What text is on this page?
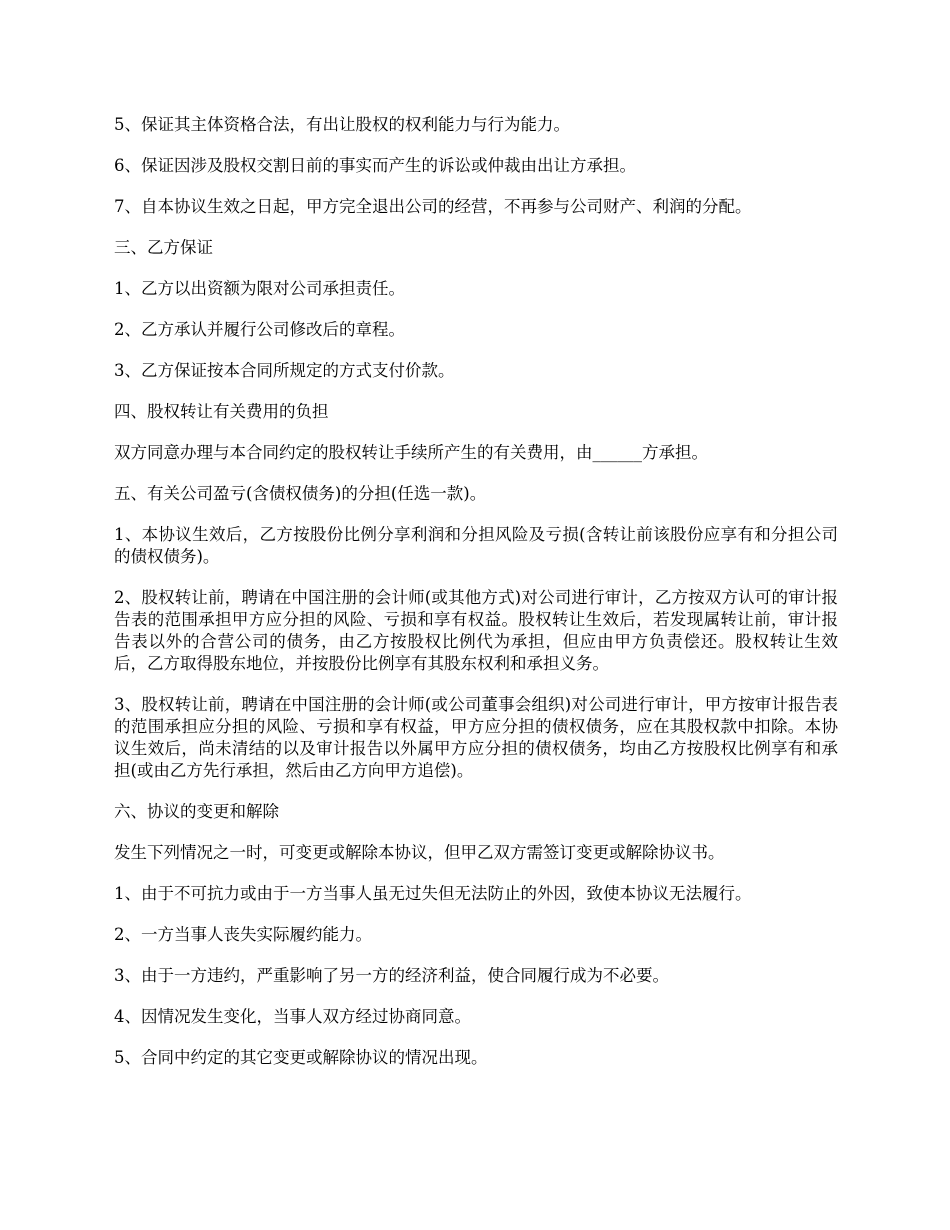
5、保证其主体资格合法，有出让股权的权利能力与行为能力。

6、保证因涉及股权交割日前的事实而产生的诉讼或仲裁由出让方承担。

7、自本协议生效之日起，甲方完全退出公司的经营，不再参与公司财产、利润的分配。

三、乙方保证

1、乙方以出资额为限对公司承担责任。

2、乙方承认并履行公司修改后的章程。

3、乙方保证按本合同所规定的方式支付价款。

四、股权转让有关费用的负担

双方同意办理与本合同约定的股权转让手续所产生的有关费用，由______方承担。

五、有关公司盈亏(含债权债务)的分担(任选一款)。

1、本协议生效后，乙方按股份比例分享利润和分担风险及亏损(含转让前该股份应享有和分担公司的债权债务)。

2、股权转让前，聘请在中国注册的会计师(或其他方式)对公司进行审计，乙方按双方认可的审计报告表的范围承担甲方应分担的风险、亏损和享有权益。股权转让生效后，若发现属转让前，审计报告表以外的合营公司的债务，由乙方按股权比例代为承担，但应由甲方负责偿还。股权转让生效后，乙方取得股东地位，并按股份比例享有其股东权利和承担义务。

3、股权转让前，聘请在中国注册的会计师(或公司董事会组织)对公司进行审计，甲方按审计报告表的范围承担应分担的风险、亏损和享有权益，甲方应分担的债权债务，应在其股权款中扣除。本协议生效后，尚未清结的以及审计报告以外属甲方应分担的债权债务，均由乙方按股权比例享有和承担(或由乙方先行承担，然后由乙方向甲方追偿)。

六、协议的变更和解除

发生下列情况之一时，可变更或解除本协议，但甲乙双方需签订变更或解除协议书。

1、由于不可抗力或由于一方当事人虽无过失但无法防止的外因，致使本协议无法履行。

2、一方当事人丧失实际履约能力。

3、由于一方违约，严重影响了另一方的经济利益，使合同履行成为不必要。

4、因情况发生变化，当事人双方经过协商同意。

5、合同中约定的其它变更或解除协议的情况出现。
